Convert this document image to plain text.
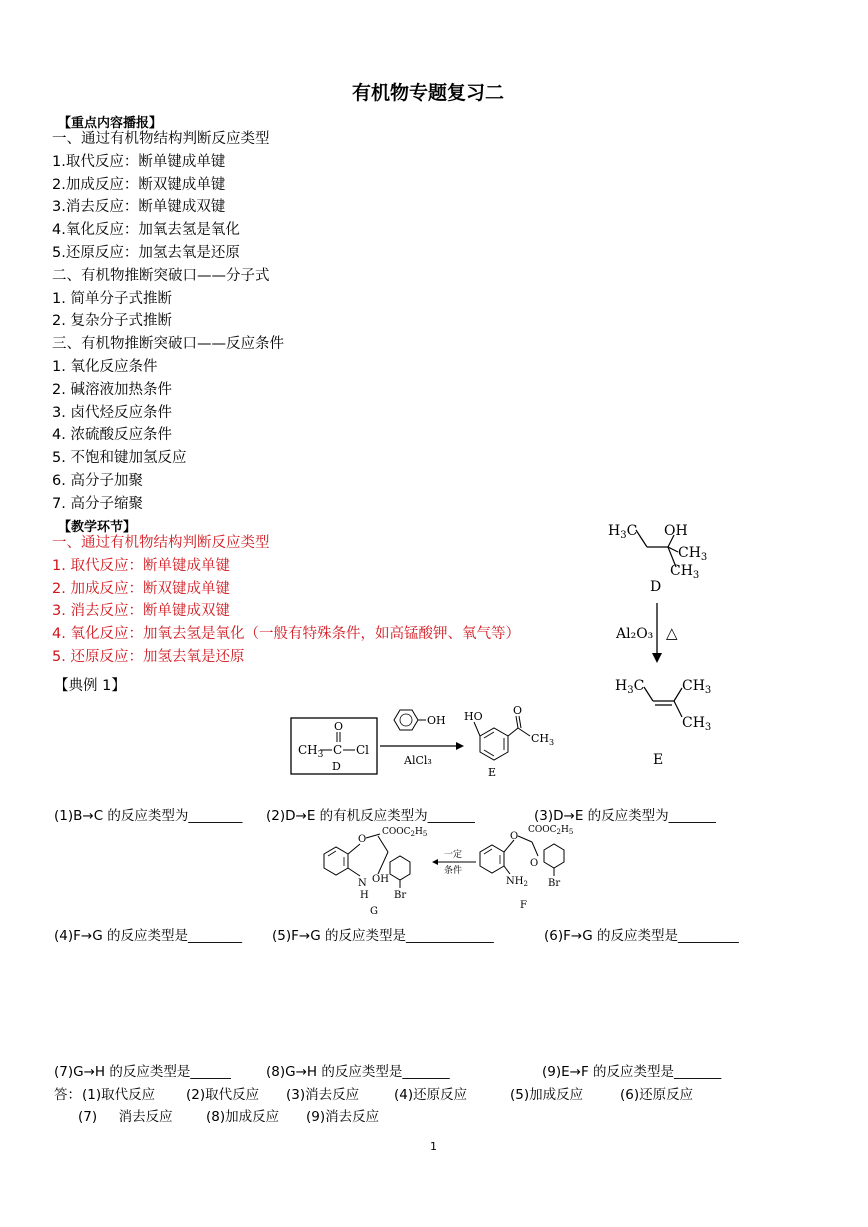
有机物专题复习二
【重点内容播报】
一、通过有机物结构判断反应类型
1.取代反应：断单键成单键
2.加成反应：断双键成单键
3.消去反应：断单键成双键
4.氧化反应：加氧去氢是氧化
5.还原反应：加氢去氧是还原
二、有机物推断突破口——分子式
1. 简单分子式推断
2. 复杂分子式推断
三、有机物推断突破口——反应条件
1. 氧化反应条件
2. 碱溶液加热条件
3. 卤代烃反应条件
4. 浓硫酸反应条件
5. 不饱和键加氢反应
6. 高分子加聚
7. 高分子缩聚
【教学环节】
一、通过有机物结构判断反应类型
1. 取代反应：断单键成单键
2. 加成反应：断双键成单键
3. 消去反应：断单键成双键
4. 氧化反应：加氧去氢是氧化（一般有特殊条件，如高锰酸钾、氧气等）
5. 还原反应：加氢去氧是还原
【典例 1】
$H_3C$ OH
$CH_3$
$CH_3$
D
Al₂O₃ △
$H_3C$	$CH_3$
$CH_3$
E
$CH_3$ C
O
Cl
D
OH
AlCl₃
HO	O
$CH_3$
E
(1)B→C 的反应类型为________ (2)D→E 的有机反应类型为_______	(3)D→E 的反应类型为_______
O
$COOC_2H_5$
N
H
OH
Br
G
一定
条件
O
$COOC_2H_5$
O
$NH_2$ Br
F
(4)F→G 的反应类型是________ (5)F→G 的反应类型是_____________	(6)F→G 的反应类型是_________
(7)G→H 的反应类型是______	(8)G→H 的反应类型是_______	(9)E→F 的反应类型是_______
答： (1)取代反应 (2)取代反应 (3)消去反应	(4)还原反应	(5)加成反应	(6)还原反应
(7)     消去反应 (8)加成反应 (9)消去反应
1
